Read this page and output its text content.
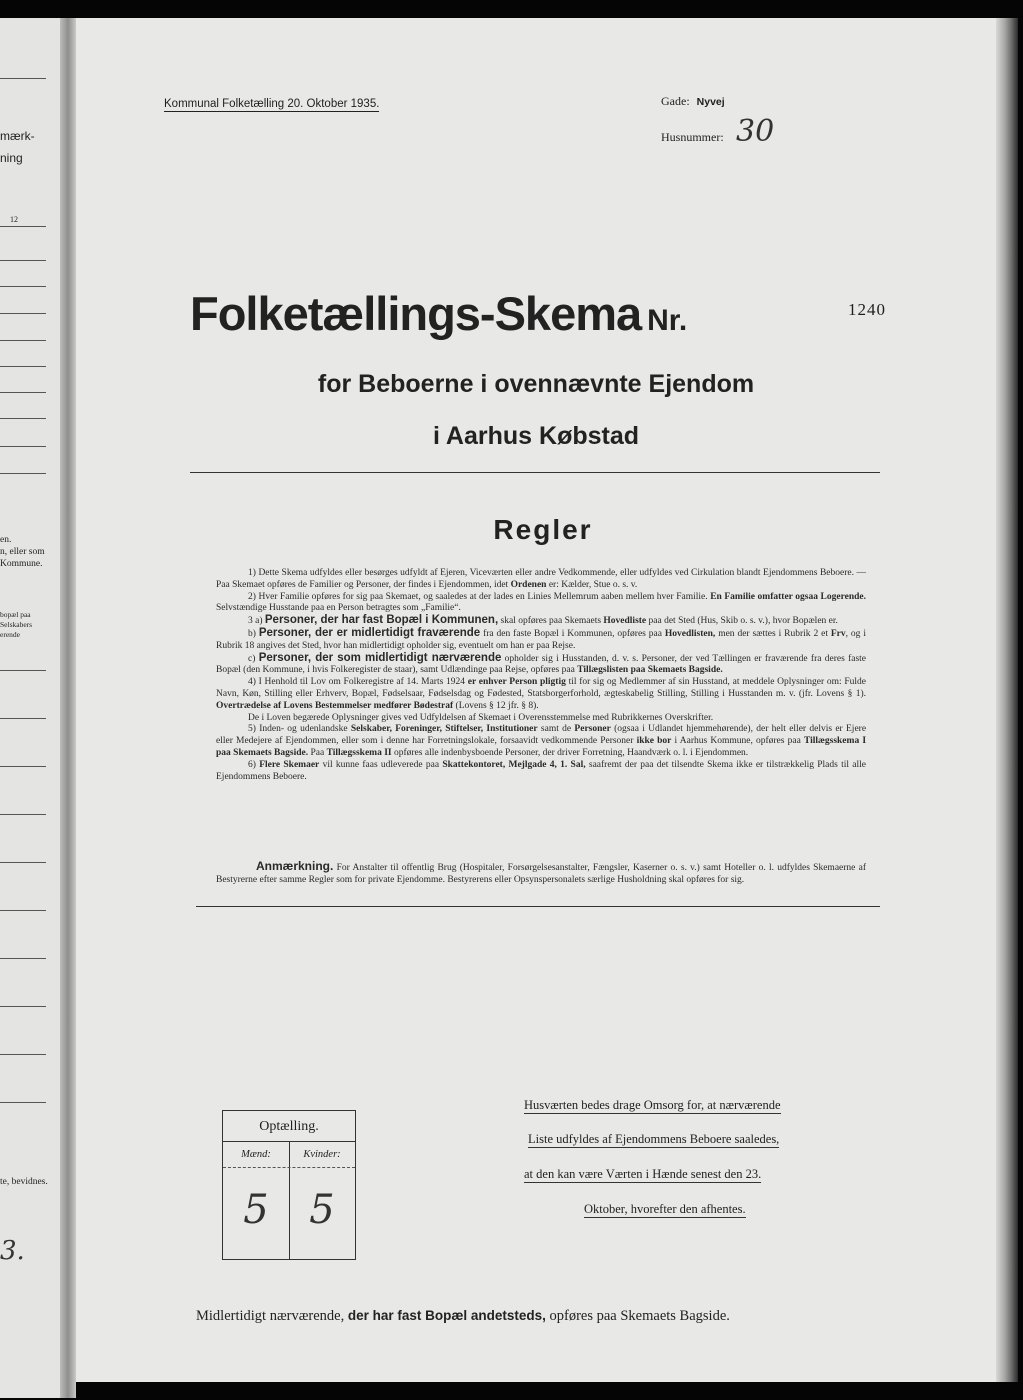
mærk-
ning
12
en.
n, eller som
Kommune.
bopæl paa
Selskabers
erende
te, bevidnes.
3.
Kommunal Folketælling 20. Oktober 1935.	Gade: Nyvej
Husnummer: 30
Folketællings-Skema Nr.	1240
for Beboerne i ovennævnte Ejendom
i Aarhus Købstad
Regler

1) Dette Skema udfyldes eller besørges udfyldt af Ejeren, Viceværten eller andre Vedkommende, eller udfyldes ved Cirkulation blandt Ejendommens Beboere. — Paa Skemaet opføres de Familier og Personer, der findes i Ejendommen, idet Ordenen er: Kælder, Stue o. s. v.

2) Hver Familie opføres for sig paa Skemaet, og saaledes at der lades en Linies Mellemrum aaben mellem hver Familie. En Familie omfatter ogsaa Logerende. Selvstændige Husstande paa en Person betragtes som „Familie“.

3 a) Personer, der har fast Bopæl i Kommunen, skal opføres paa Skemaets Hovedliste paa det Sted (Hus, Skib o. s. v.), hvor Bopælen er.

b) Personer, der er midlertidigt fraværende fra den faste Bopæl i Kommunen, opføres paa Hovedlisten, men der sættes i Rubrik 2 et Frv, og i Rubrik 18 angives det Sted, hvor han midlertidigt opholder sig, eventuelt om han er paa Rejse.

c) Personer, der som midlertidigt nærværende opholder sig i Husstanden, d. v. s. Personer, der ved Tællingen er fraværende fra deres faste Bopæl (den Kommune, i hvis Folkeregister de staar), samt Udlændinge paa Rejse, opføres paa Tillægslisten paa Skemaets Bagside.

4) I Henhold til Lov om Folkeregistre af 14. Marts 1924 er enhver Person pligtig til for sig og Medlemmer af sin Husstand, at meddele Oplysninger om: Fulde Navn, Køn, Stilling eller Erhverv, Bopæl, Fødselsaar, Fødselsdag og Fødested, Statsborgerforhold, ægteskabelig Stilling, Stilling i Husstanden m. v. (jfr. Lovens § 1). Overtrædelse af Lovens Bestemmelser medfører Bødestraf (Lovens § 12 jfr. § 8).

De i Loven begærede Oplysninger gives ved Udfyldelsen af Skemaet i Overensstemmelse med Rubrikkernes Overskrifter.

5) Inden- og udenlandske Selskaber, Foreninger, Stiftelser, Institutioner samt de Personer (ogsaa i Udlandet hjemmehørende), der helt eller delvis er Ejere eller Medejere af Ejendommen, eller som i denne har Forretningslokale, forsaavidt vedkommende Personer ikke bor i Aarhus Kommune, opføres paa Tillægsskema I paa Skemaets Bagside. Paa Tillægsskema II opføres alle indenbysboende Personer, der driver Forretning, Haandværk o. l. i Ejendommen.

6) Flere Skemaer vil kunne faas udleverede paa Skattekontoret, Mejlgade 4, 1. Sal, saafremt der paa det tilsendte Skema ikke er tilstrækkelig Plads til alle Ejendommens Beboere.

Anmærkning. For Anstalter til offentlig Brug (Hospitaler, Forsørgelsesanstalter, Fængsler, Kaserner o. s. v.) samt Hoteller o. l. udfyldes Skemaerne af Bestyrerne efter samme Regler som for private Ejendomme. Bestyrerens eller Opsynspersonalets særlige Husholdning skal opføres for sig.

Optælling.
Mænd:	Kvinder:
5	5
Husværten bedes drage Omsorg for, at nærværende
Liste udfyldes af Ejendommens Beboere saaledes,
at den kan være Værten i Hænde senest den 23.
Oktober, hvorefter den afhentes.
Midlertidigt nærværende, der har fast Bopæl andetsteds, opføres paa Skemaets Bagside.
